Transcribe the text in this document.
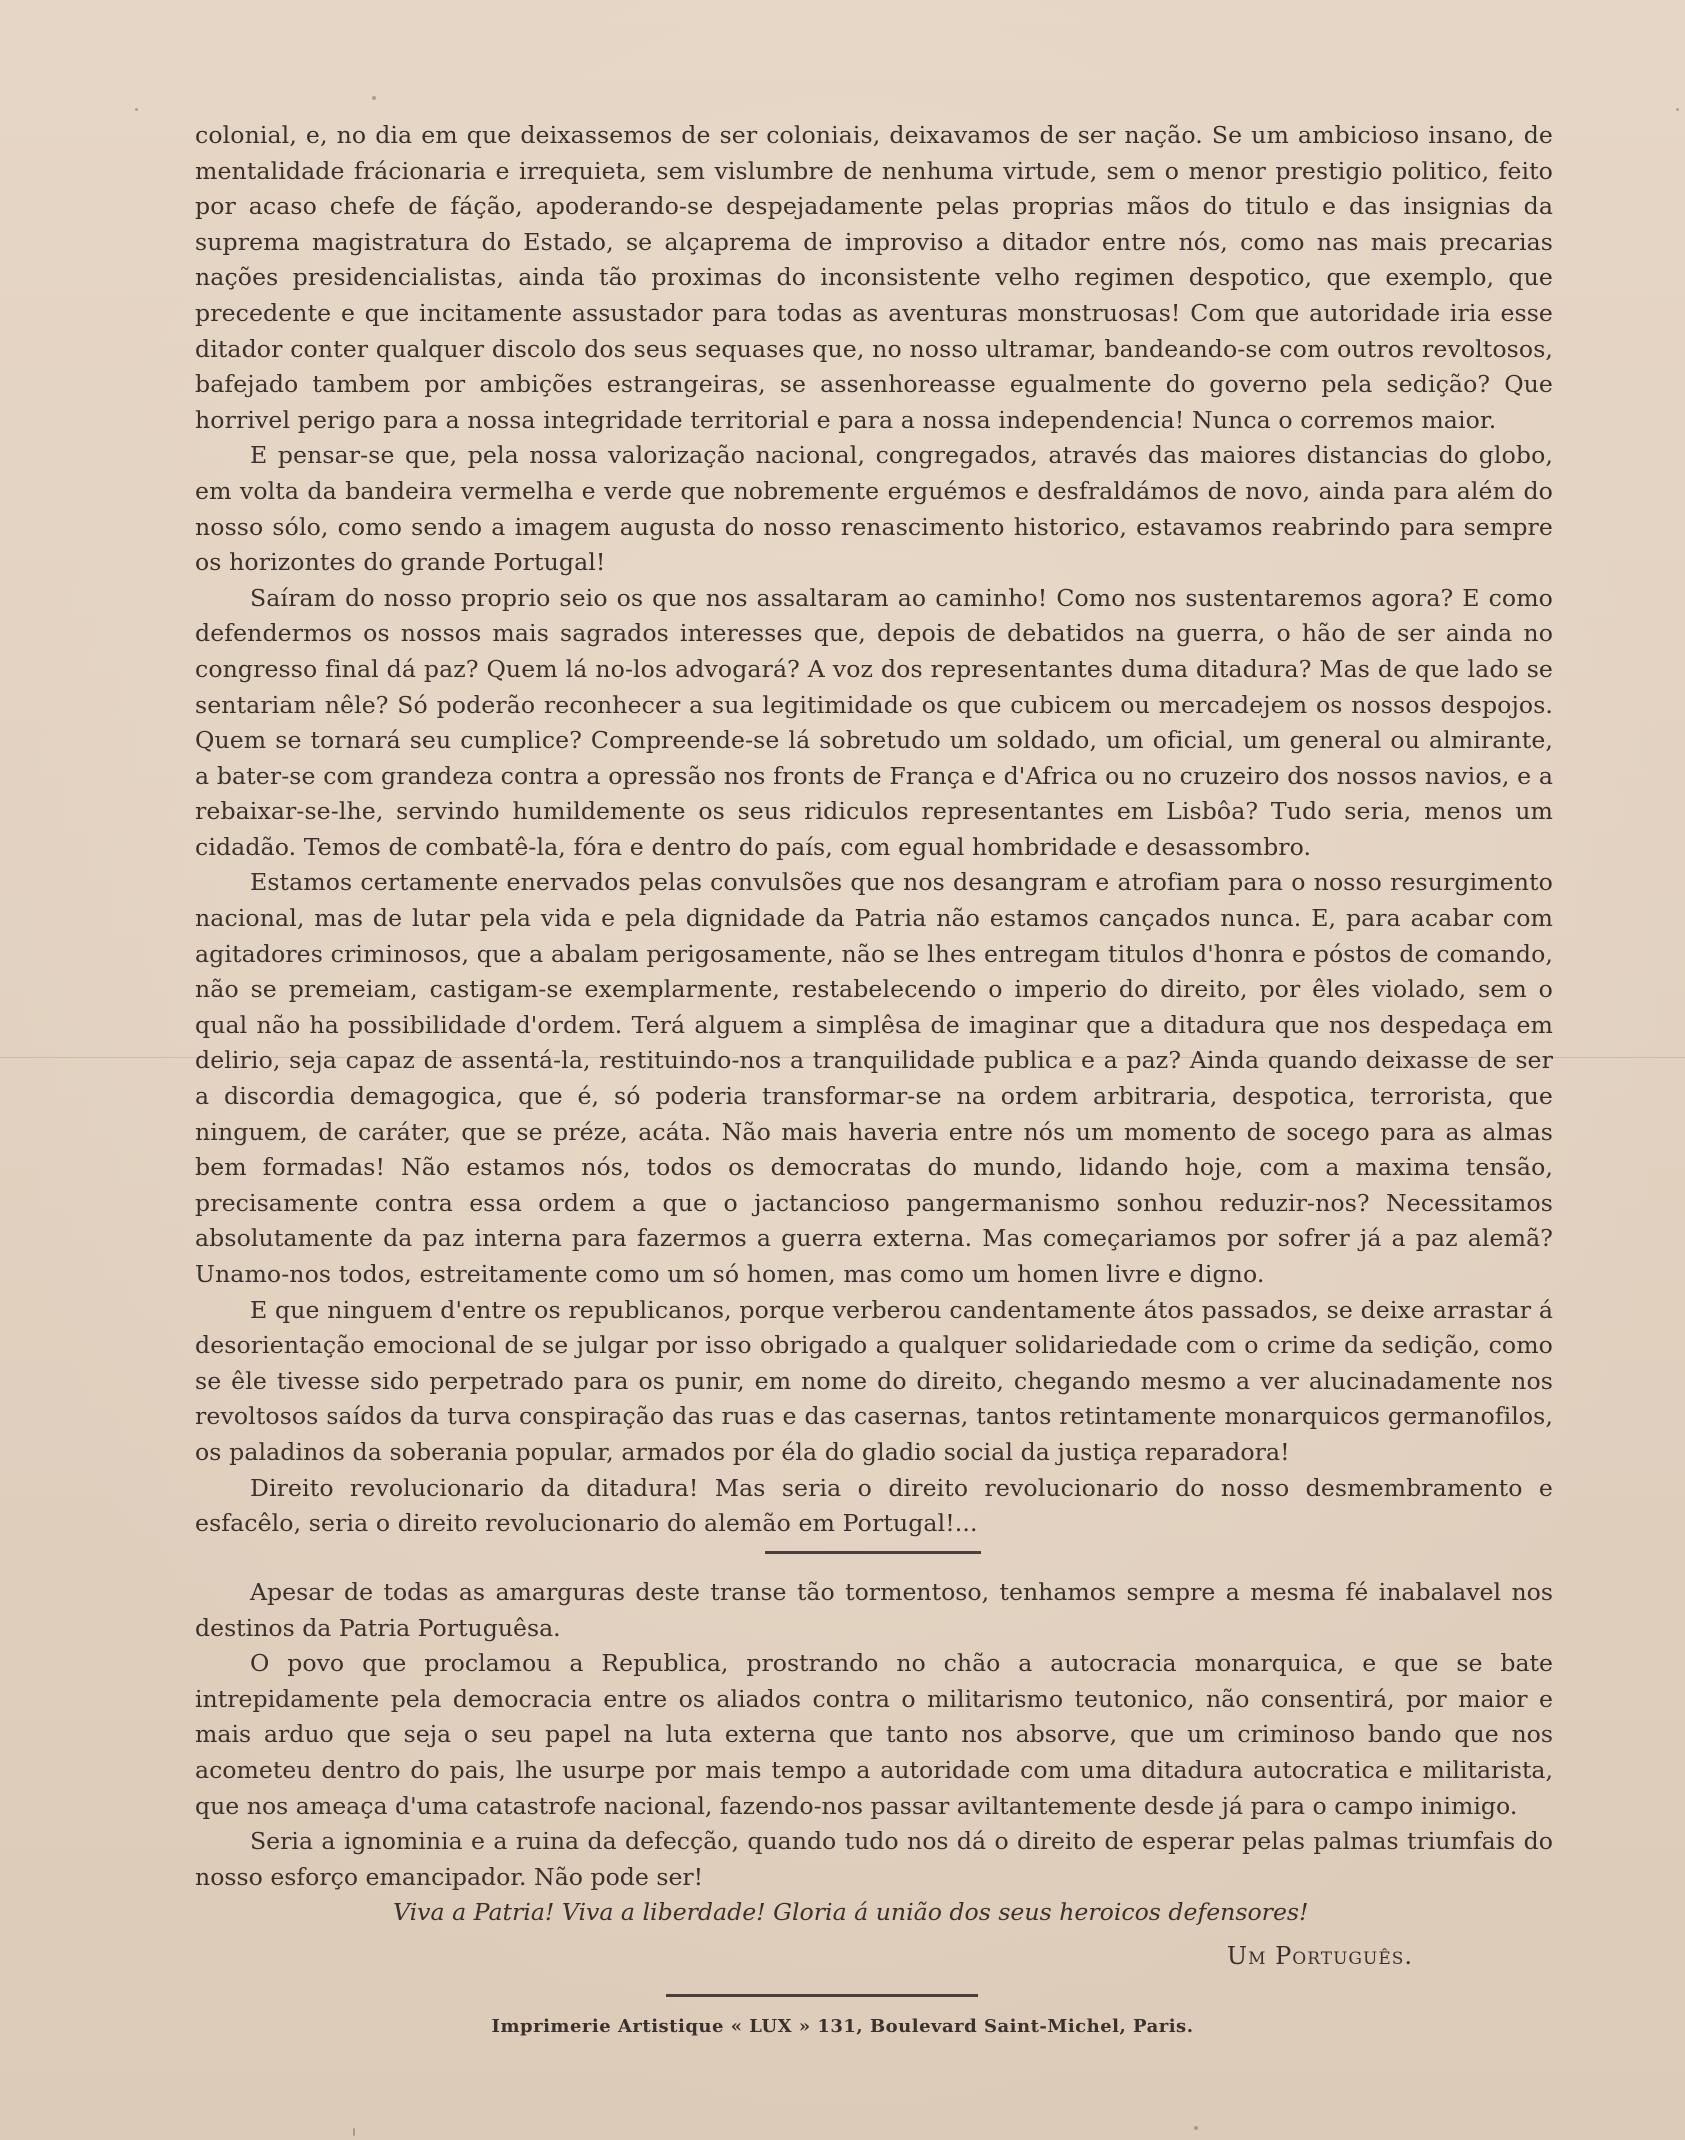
colonial, e, no dia em que deixassemos de ser coloniais, deixavamos de ser nação. Se um ambicioso insano, de mentalidade frácionaria e irrequieta, sem vislumbre de nenhuma virtude, sem o menor prestigio politico, feito por acaso chefe de fáção, apoderando-se despejadamente pelas proprias mãos do titulo e das insignias da suprema magistratura do Estado, se alçaprema de improviso a ditador entre nós, como nas mais precarias nações presidencialistas, ainda tão proximas do inconsistente velho regimen despotico, que exemplo, que precedente e que incitamente assustador para todas as aventuras monstruosas! Com que autoridade iria esse ditador conter qualquer discolo dos seus sequases que, no nosso ultramar, bandeando-se com outros revoltosos, bafejado tambem por ambições estrangeiras, se assenhoreasse egualmente do governo pela sedição? Que horrivel perigo para a nossa integridade territorial e para a nossa independencia! Nunca o corremos maior.

E pensar-se que, pela nossa valorização nacional, congregados, através das maiores distancias do globo, em volta da bandeira vermelha e verde que nobremente erguémos e desfraldámos de novo, ainda para além do nosso sólo, como sendo a imagem augusta do nosso renascimento historico, estavamos reabrindo para sempre os horizontes do grande Portugal!

Saíram do nosso proprio seio os que nos assaltaram ao caminho! Como nos sustentaremos agora? E como defendermos os nossos mais sagrados interesses que, depois de debatidos na guerra, o hão de ser ainda no congresso final dá paz? Quem lá no-los advogará? A voz dos representantes duma ditadura? Mas de que lado se sentariam nêle? Só poderão reconhecer a sua legitimidade os que cubicem ou mercadejem os nossos despojos. Quem se tornará seu cumplice? Compreende-se lá sobretudo um soldado, um oficial, um general ou almirante, a bater-se com grandeza contra a opressão nos fronts de França e d'Africa ou no cruzeiro dos nossos navios, e a rebaixar-se-lhe, servindo humildemente os seus ridiculos representantes em Lisbôa? Tudo seria, menos um cidadão. Temos de combatê-la, fóra e dentro do país, com egual hombridade e desassombro.

Estamos certamente enervados pelas convulsões que nos desangram e atrofiam para o nosso resurgimento nacional, mas de lutar pela vida e pela dignidade da Patria não estamos cançados nunca. E, para acabar com agitadores criminosos, que a abalam perigosamente, não se lhes entregam titulos d'honra e póstos de comando, não se premeiam, castigam-se exemplarmente, restabelecendo o imperio do direito, por êles violado, sem o qual não ha possibilidade d'ordem. Terá alguem a simplêsa de imaginar que a ditadura que nos despedaça em delirio, seja capaz de assentá-la, restituindo-nos a tranquilidade publica e a paz? Ainda quando deixasse de ser a discordia demagogica, que é, só poderia transformar-se na ordem arbitraria, despotica, terrorista, que ninguem, de caráter, que se préze, acáta. Não mais haveria entre nós um momento de socego para as almas bem formadas! Não estamos nós, todos os democratas do mundo, lidando hoje, com a maxima tensão, precisamente contra essa ordem a que o jactancioso pangermanismo sonhou reduzir-nos? Necessitamos absolutamente da paz interna para fazermos a guerra externa. Mas começariamos por sofrer já a paz alemã? Unamo-nos todos, estreitamente como um só homen, mas como um homen livre e digno.

E que ninguem d'entre os republicanos, porque verberou candentamente átos passados, se deixe arrastar á desorientação emocional de se julgar por isso obrigado a qualquer solidariedade com o crime da sedição, como se êle tivesse sido perpetrado para os punir, em nome do direito, chegando mesmo a ver alucinadamente nos revoltosos saídos da turva conspiração das ruas e das casernas, tantos retintamente monarquicos germanofilos, os paladinos da soberania popular, armados por éla do gladio social da justiça reparadora!

Direito revolucionario da ditadura! Mas seria o direito revolucionario do nosso desmembramento e esfacêlo, seria o direito revolucionario do alemão em Portugal!...

Apesar de todas as amarguras deste transe tão tormentoso, tenhamos sempre a mesma fé inabalavel nos destinos da Patria Portuguêsa.

O povo que proclamou a Republica, prostrando no chão a autocracia monarquica, e que se bate intrepidamente pela democracia entre os aliados contra o militarismo teutonico, não consentirá, por maior e mais arduo que seja o seu papel na luta externa que tanto nos absorve, que um criminoso bando que nos acometeu dentro do pais, lhe usurpe por mais tempo a autoridade com uma ditadura autocratica e militarista, que nos ameaça d'uma catastrofe nacional, fazendo-nos passar aviltantemente desde já para o campo inimigo.

Seria a ignominia e a ruina da defecção, quando tudo nos dá o direito de esperar pelas palmas triumfais do nosso esforço emancipador. Não pode ser!

Viva a Patria! Viva a liberdade! Gloria á união dos seus heroicos defensores!

Um Português.
Imprimerie Artistique « LUX » 131, Boulevard Saint-Michel, Paris.
